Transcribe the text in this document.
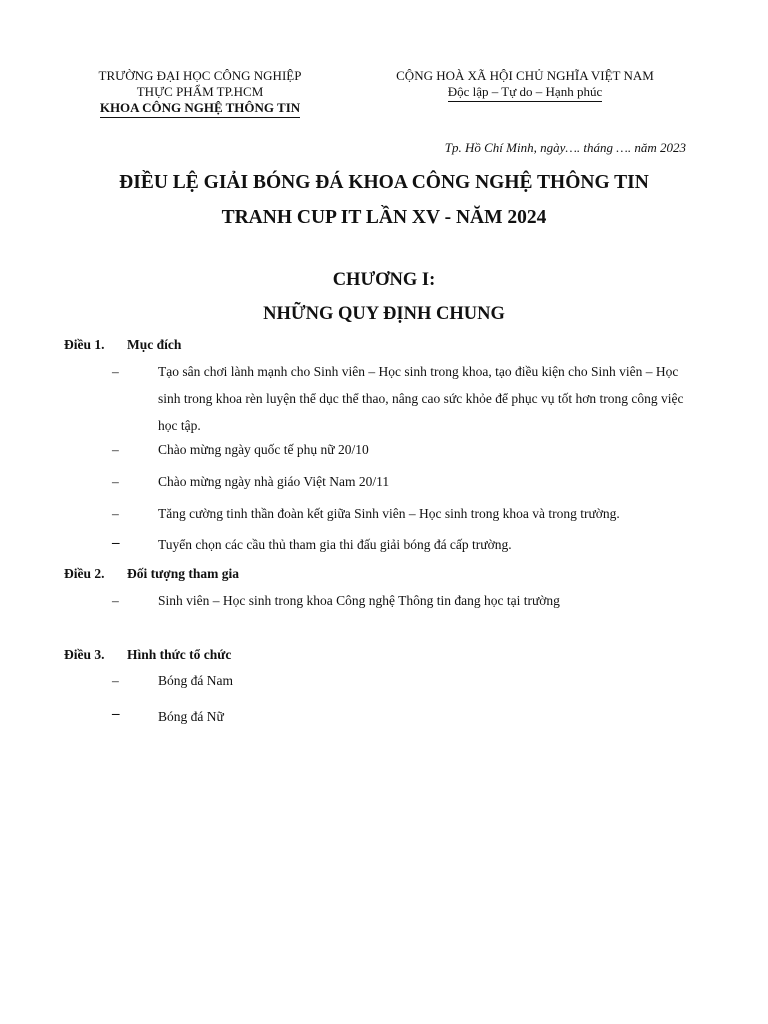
TRƯỜNG ĐẠI HỌC CÔNG NGHIỆP
THỰC PHẨM TP.HCM
KHOA CÔNG NGHỆ THÔNG TIN
CỘNG HOÀ XÃ HỘI CHỦ NGHĨA VIỆT NAM
Độc lập – Tự do – Hạnh phúc
Tp. Hồ Chí Minh, ngày…. tháng …. năm 2023
ĐIỀU LỆ GIẢI BÓNG ĐÁ KHOA CÔNG NGHỆ THÔNG TIN
TRANH CUP IT LẦN XV - NĂM 2024
CHƯƠNG I:
NHỮNG QUY ĐỊNH CHUNG
Điều 1. Mục đích
–	Tạo sân chơi lành mạnh cho Sinh viên – Học sinh trong khoa, tạo điều kiện cho Sinh viên – Học sinh trong khoa rèn luyện thể dục thể thao, nâng cao sức khỏe để phục vụ tốt hơn trong công việc học tập.
–	Chào mừng ngày quốc tế phụ nữ 20/10
–	Chào mừng ngày nhà giáo Việt Nam 20/11
–	Tăng cường tinh thần đoàn kết giữa Sinh viên – Học sinh trong khoa và trong trường.
–	Tuyển chọn các cầu thủ tham gia thi đấu giải bóng đá cấp trường.
Điều 2. Đối tượng tham gia
–	Sinh viên – Học sinh trong khoa Công nghệ Thông tin đang học tại trường
Điều 3. Hình thức tổ chức
–	Bóng đá Nam
–	Bóng đá Nữ
